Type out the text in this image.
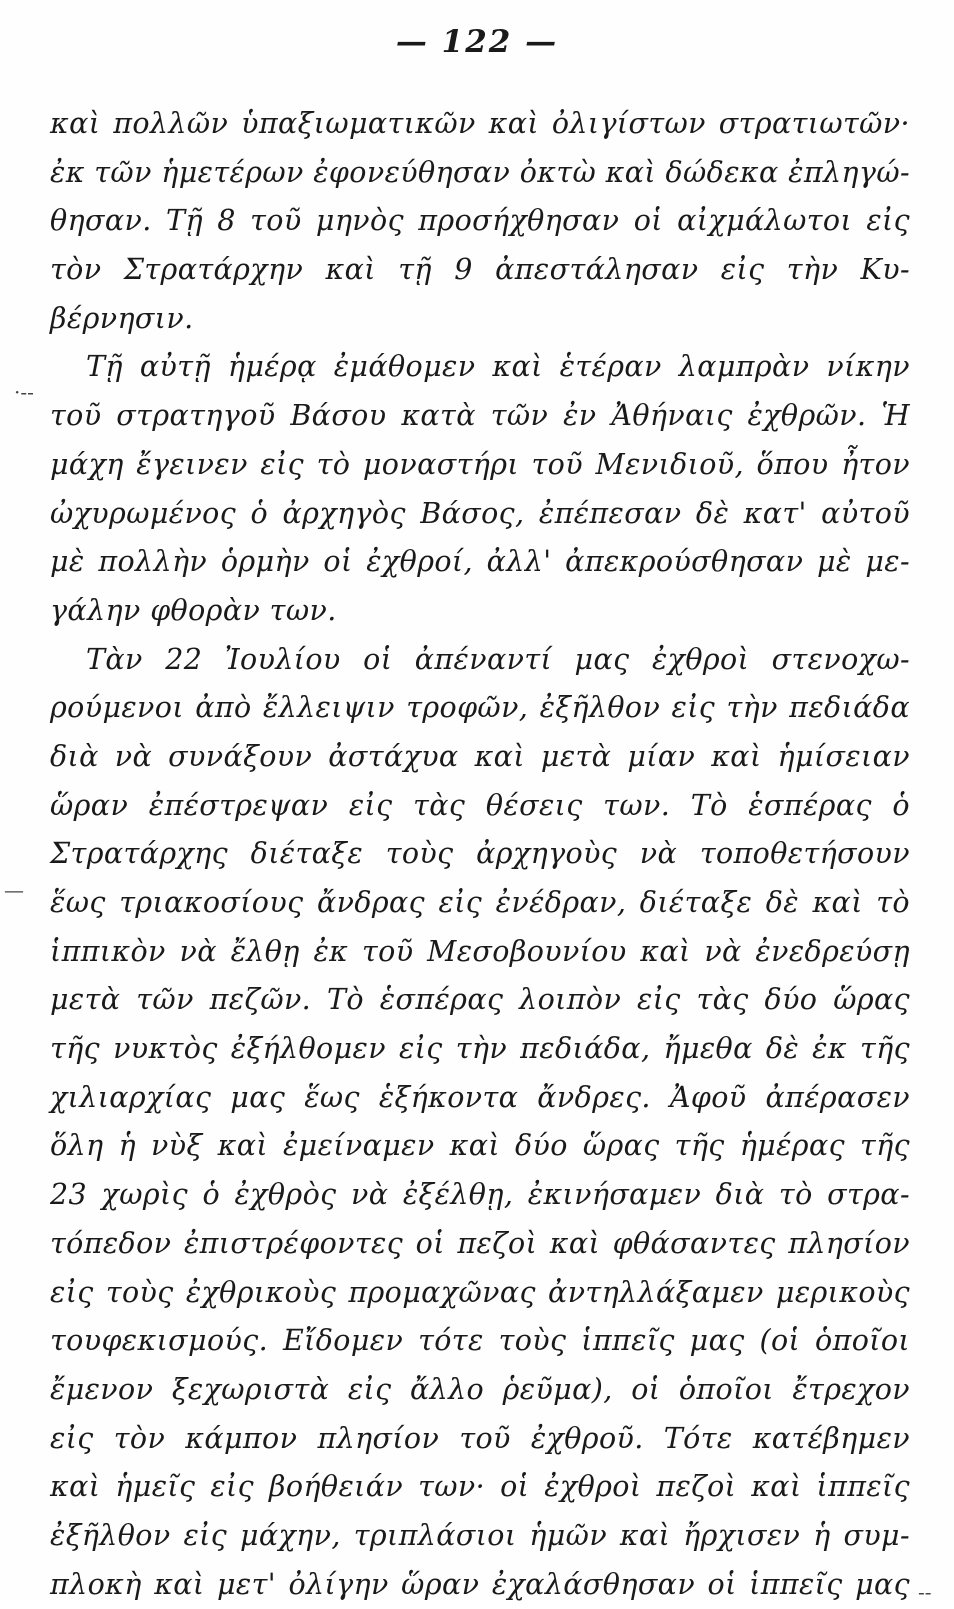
— 122 —
·‑‑
—
--
καὶ πολλῶν ὑπαξιωματικῶν καὶ ὀλιγίστων στρατιωτῶν·
ἐκ τῶν ἡμετέρων ἐφονεύθησαν ὀκτὼ καὶ δώδεκα ἐπληγώ-
θησαν. Τῇ 8 τοῦ μηνὸς προσήχθησαν οἱ αἰχμάλωτοι εἰς
τὸν Στρατάρχην καὶ τῇ 9 ἀπεστάλησαν εἰς τὴν Κυ-
βέρνησιν.
Τῇ αὐτῇ ἡμέρᾳ ἐμάθομεν καὶ ἑτέραν λαμπρὰν νίκην
τοῦ στρατηγοῦ Βάσου κατὰ τῶν ἐν Ἀθήναις ἐχθρῶν. Ἡ
μάχη ἔγεινεν εἰς τὸ μοναστήρι τοῦ Μενιδιοῦ, ὅπου ἦτον
ὠχυρωμένος ὁ ἀρχηγὸς Βάσος, ἐπέπεσαν δὲ κατ' αὐτοῦ
μὲ πολλὴν ὁρμὴν οἱ ἐχθροί, ἀλλ' ἀπεκρούσθησαν μὲ με-
γάλην φθορὰν των.
Τὰν 22 Ἰουλίου οἱ ἀπέναντί μας ἐχθροὶ στενοχω-
ρούμενοι ἀπὸ ἔλλειψιν τροφῶν, ἐξῆλθον εἰς τὴν πεδιάδα
διὰ νὰ συνάξουν ἀστάχυα καὶ μετὰ μίαν καὶ ἡμίσειαν
ὥραν ἐπέστρεψαν εἰς τὰς θέσεις των. Τὸ ἑσπέρας ὁ
Στρατάρχης διέταξε τοὺς ἀρχηγοὺς νὰ τοποθετήσουν
ἕως τριακοσίους ἄνδρας εἰς ἐνέδραν, διέταξε δὲ καὶ τὸ
ἱππικὸν νὰ ἔλθῃ ἐκ τοῦ Μεσοβουνίου καὶ νὰ ἐνεδρεύσῃ
μετὰ τῶν πεζῶν. Τὸ ἑσπέρας λοιπὸν εἰς τὰς δύο ὥρας
τῆς νυκτὸς ἐξήλθομεν εἰς τὴν πεδιάδα, ἤμεθα δὲ ἐκ τῆς
χιλιαρχίας μας ἕως ἑξήκοντα ἄνδρες. Ἀφοῦ ἀπέρασεν
ὅλη ἡ νὺξ καὶ ἐμείναμεν καὶ δύο ὥρας τῆς ἡμέρας τῆς
23 χωρὶς ὁ ἐχθρὸς νὰ ἐξέλθῃ, ἐκινήσαμεν διὰ τὸ στρα-
τόπεδον ἐπιστρέφοντες οἱ πεζοὶ καὶ φθάσαντες πλησίον
εἰς τοὺς ἐχθρικοὺς προμαχῶνας ἀντηλλάξαμεν μερικοὺς
τουφεκισμούς. Εἴδομεν τότε τοὺς ἱππεῖς μας (οἱ ὁποῖοι
ἔμενον ξεχωριστὰ εἰς ἄλλο ῥεῦμα), οἱ ὁποῖοι ἔτρεχον
εἰς τὸν κάμπον πλησίον τοῦ ἐχθροῦ. Τότε κατέβημεν
καὶ ἡμεῖς εἰς βοήθειάν των· οἱ ἐχθροὶ πεζοὶ καὶ ἱππεῖς
ἐξῆλθον εἰς μάχην, τριπλάσιοι ἡμῶν καὶ ἤρχισεν ἡ συμ-
πλοκὴ καὶ μετ' ὀλίγην ὥραν ἐχαλάσθησαν οἱ ἱππεῖς μας
